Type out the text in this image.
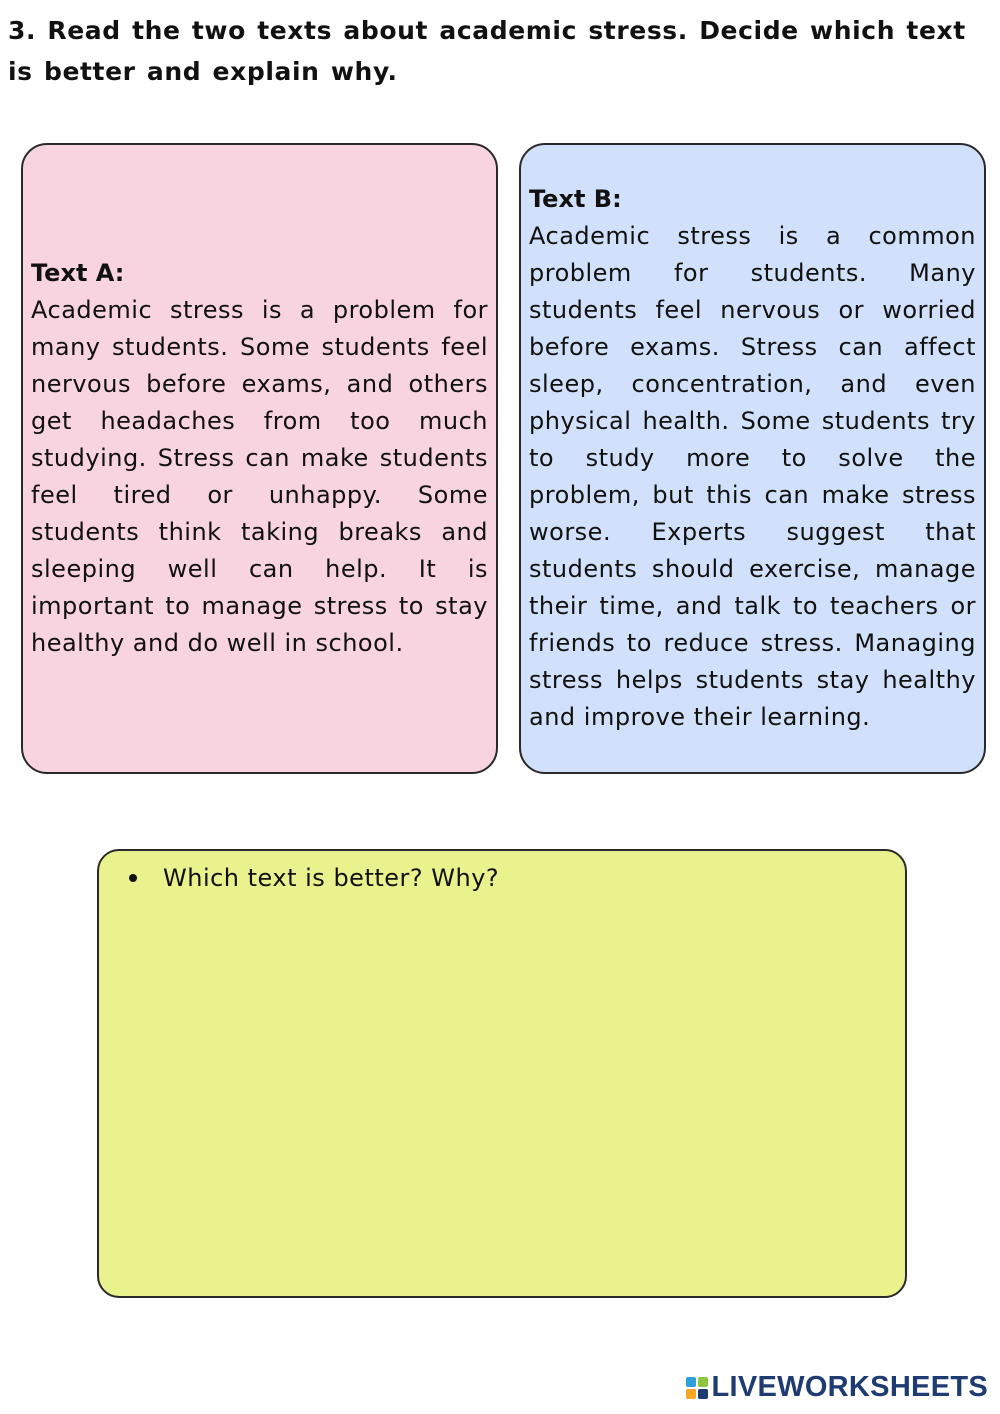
3. Read the two texts about academic stress. Decide which text is better and explain why.

Text A:

Academic stress is a problem for many students. Some students feel nervous before exams, and others get headaches from too much studying. Stress can make students feel tired or unhappy. Some students think taking breaks and sleeping well can help. It is important to manage stress to stay healthy and do well in school.

Text B:

Academic stress is a common problem for students. Many students feel nervous or worried before exams. Stress can affect sleep, concentration, and even physical health. Some students try to study more to solve the problem, but this can make stress worse. Experts suggest that students should exercise, manage their time, and talk to teachers or friends to reduce stress. Managing stress helps students stay healthy and improve their learning.

Which text is better? Why?
LIVEWORKSHEETS
